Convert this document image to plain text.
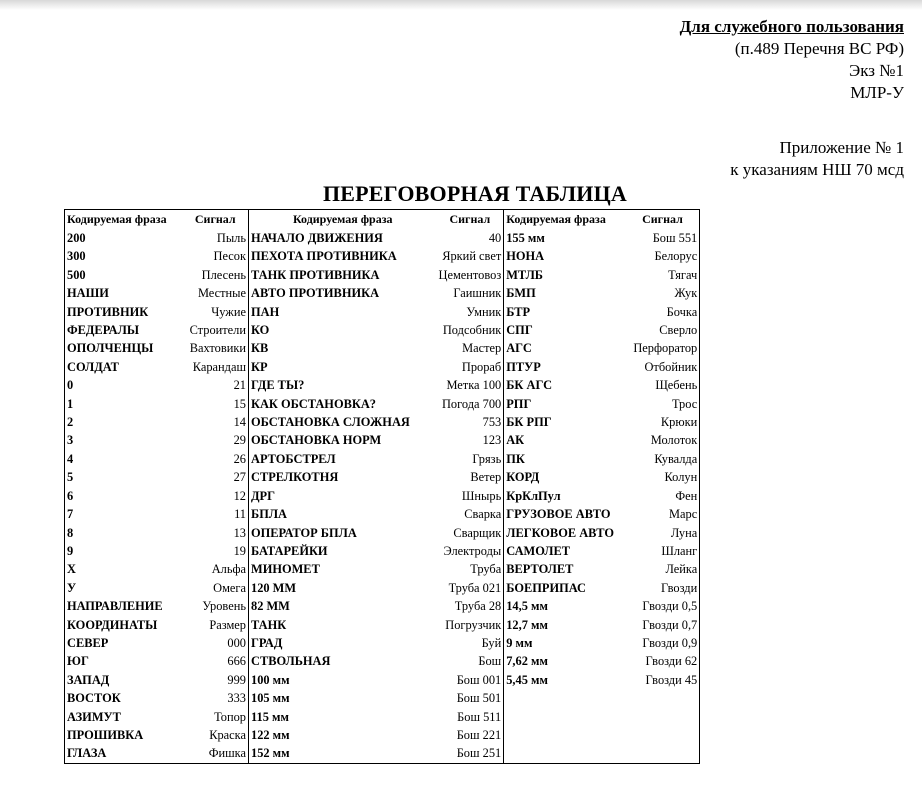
Для служебного пользования
(п.489 Перечня ВС РФ)
Экз №1
МЛР-У
Приложение № 1
к указаниям НШ 70 мсд
ПЕРЕГОВОРНАЯ ТАБЛИЦА
Кодируемая фраза	Сигнал	Кодируемая фраза	Сигнал	Кодируемая фраза	Сигнал
200	Пыль	НАЧАЛО ДВИЖЕНИЯ	40	155 мм	Бош 551
300	Песок	ПЕХОТА ПРОТИВНИКА	Яркий свет	НОНА	Белорус
500	Плесень	ТАНК ПРОТИВНИКА	Цементовоз	МТЛБ	Тягач
НАШИ	Местные	АВТО ПРОТИВНИКА	Гаишник	БМП	Жук
ПРОТИВНИК	Чужие	ПАН	Умник	БТР	Бочка
ФЕДЕРАЛЫ	Строители	КО	Подсобник	СПГ	Сверло
ОПОЛЧЕНЦЫ	Вахтовики	КВ	Мастер	АГС	Перфоратор
СОЛДАТ	Карандаш	КР	Прораб	ПТУР	Отбойник
0	21	ГДЕ ТЫ?	Метка 100	БК АГС	Щебень
1	15	КАК ОБСТАНОВКА?	Погода 700	РПГ	Трос
2	14	ОБСТАНОВКА СЛОЖНАЯ	753	БК РПГ	Крюки
3	29	ОБСТАНОВКА НОРМ	123	АК	Молоток
4	26	АРТОБСТРЕЛ	Грязь	ПК	Кувалда
5	27	СТРЕЛКОТНЯ	Ветер	КОРД	Колун
6	12	ДРГ	Шнырь	КрКлПул	Фен
7	11	БПЛА	Сварка	ГРУЗОВОЕ АВТО	Марс
8	13	ОПЕРАТОР БПЛА	Сварщик	ЛЕГКОВОЕ АВТО	Луна
9	19	БАТАРЕЙКИ	Электроды	САМОЛЕТ	Шланг
Х	Альфа	МИНОМЕТ	Труба	ВЕРТОЛЕТ	Лейка
У	Омега	120 ММ	Труба 021	БОЕПРИПАС	Гвозди
НАПРАВЛЕНИЕ	Уровень	82 ММ	Труба 28	14,5 мм	Гвозди 0,5
КООРДИНАТЫ	Размер	ТАНК	Погрузчик	12,7 мм	Гвозди 0,7
СЕВЕР	000	ГРАД	Буй	9 мм	Гвозди 0,9
ЮГ	666	СТВОЛЬНАЯ	Бош	7,62 мм	Гвозди 62
ЗАПАД	999	100 мм	Бош 001	5,45 мм	Гвозди 45
ВОСТОК	333	105 мм	Бош 501		
АЗИМУТ	Топор	115 мм	Бош 511		
ПРОШИВКА	Краска	122 мм	Бош 221		
ГЛАЗА	Фишка	152 мм	Бош 251		
